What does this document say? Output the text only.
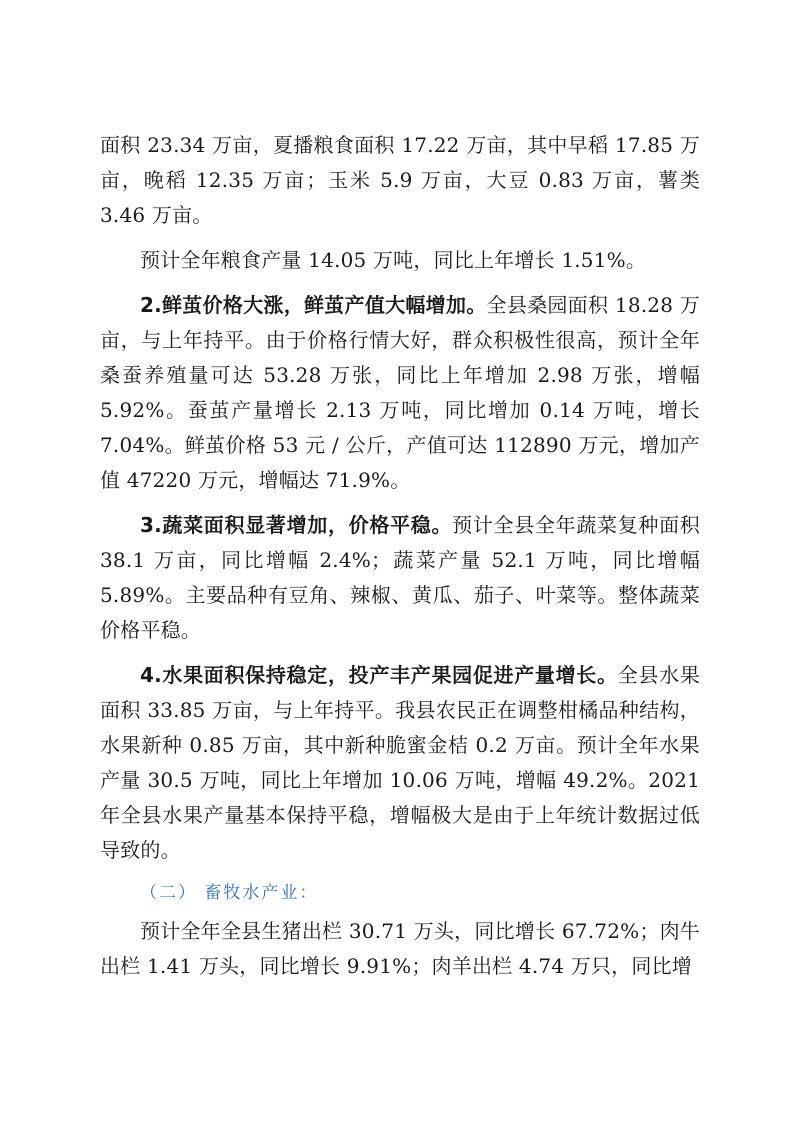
面积 23.34 万亩，夏播粮食面积 17.22 万亩，其中早稻 17.85 万亩，晚稻 12.35 万亩；玉米 5.9 万亩，大豆 0.83 万亩，薯类 3.46 万亩。

预计全年粮食产量 14.05 万吨，同比上年增长 1.51%。

2.鲜茧价格大涨，鲜茧产值大幅增加。全县桑园面积 18.28 万亩，与上年持平。由于价格行情大好，群众积极性很高，预计全年桑蚕养殖量可达 53.28 万张，同比上年增加 2.98 万张，增幅 5.92%。蚕茧产量增长 2.13 万吨，同比增加 0.14 万吨，增长 7.04%。鲜茧价格 53 元 / 公斤，产值可达 112890 万元，增加产值 47220 万元，增幅达 71.9%。

3.蔬菜面积显著增加，价格平稳。预计全县全年蔬菜复种面积 38.1 万亩，同比增幅 2.4%；蔬菜产量 52.1 万吨，同比增幅 5.89%。主要品种有豆角、辣椒、黄瓜、茄子、叶菜等。整体蔬菜价格平稳。

4.水果面积保持稳定，投产丰产果园促进产量增长。全县水果面积 33.85 万亩，与上年持平。我县农民正在调整柑橘品种结构，水果新种 0.85 万亩，其中新种脆蜜金桔 0.2 万亩。预计全年水果产量 30.5 万吨，同比上年增加 10.06 万吨，增幅 49.2%。2021 年全县水果产量基本保持平稳，增幅极大是由于上年统计数据过低导致的。

（二） 畜牧水产业：

预计全年全县生猪出栏 30.71 万头，同比增长 67.72%；肉牛出栏 1.41 万头，同比增长 9.91%；肉羊出栏 4.74 万只，同比增
